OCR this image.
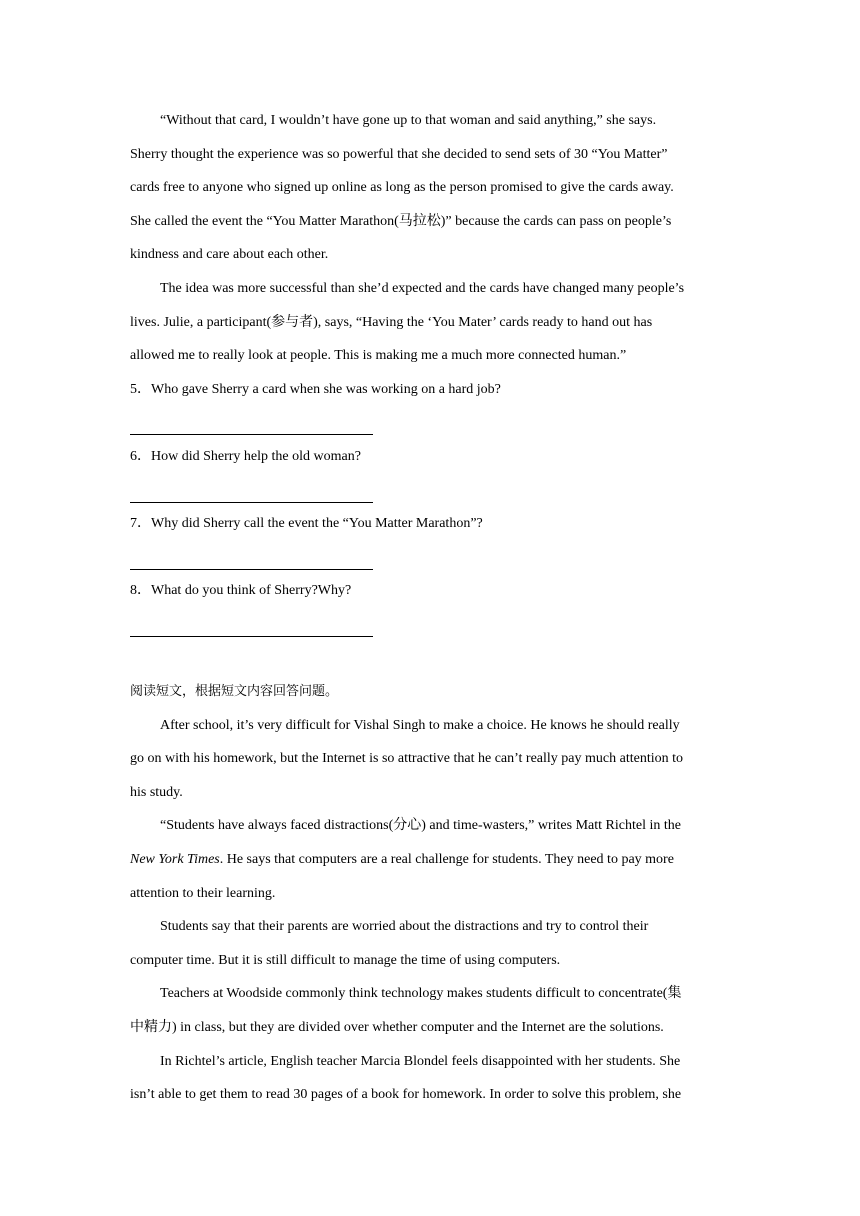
“Without that card, I wouldn’t have gone up to that woman and said anything,” she says.

Sherry thought the experience was so powerful that she decided to send sets of 30 “You Matter”

cards free to anyone who signed up online as long as the person promised to give the cards away.

She called the event the “You Matter Marathon(马拉松)” because the cards can pass on people’s

kindness and care about each other.

The idea was more successful than she’d expected and the cards have changed many people’s

lives. Julie, a participant(参与者), says, “Having the ‘You Mater’ cards ready to hand out has

allowed me to really look at people. This is making me a much more connected human.”

5．Who gave Sherry a card when she was working on a hard job?

6．How did Sherry help the old woman?

7．Why did Sherry call the event the “You Matter Marathon”?

8．What do you think of Sherry?Why?

阅读短文，根据短文内容回答问题。

After school, it’s very difficult for Vishal Singh to make a choice. He knows he should really

go on with his homework, but the Internet is so attractive that he can’t really pay much attention to

his study.

“Students have always faced distractions(分心) and time-wasters,” writes Matt Richtel in the

New York Times. He says that computers are a real challenge for students. They need to pay more

attention to their learning.

Students say that their parents are worried about the distractions and try to control their

computer time. But it is still difficult to manage the time of using computers.

Teachers at Woodside commonly think technology makes students difficult to concentrate(集

中精力) in class, but they are divided over whether computer and the Internet are the solutions.

In Richtel’s article, English teacher Marcia Blondel feels disappointed with her students. She

isn’t able to get them to read 30 pages of a book for homework. In order to solve this problem, she
